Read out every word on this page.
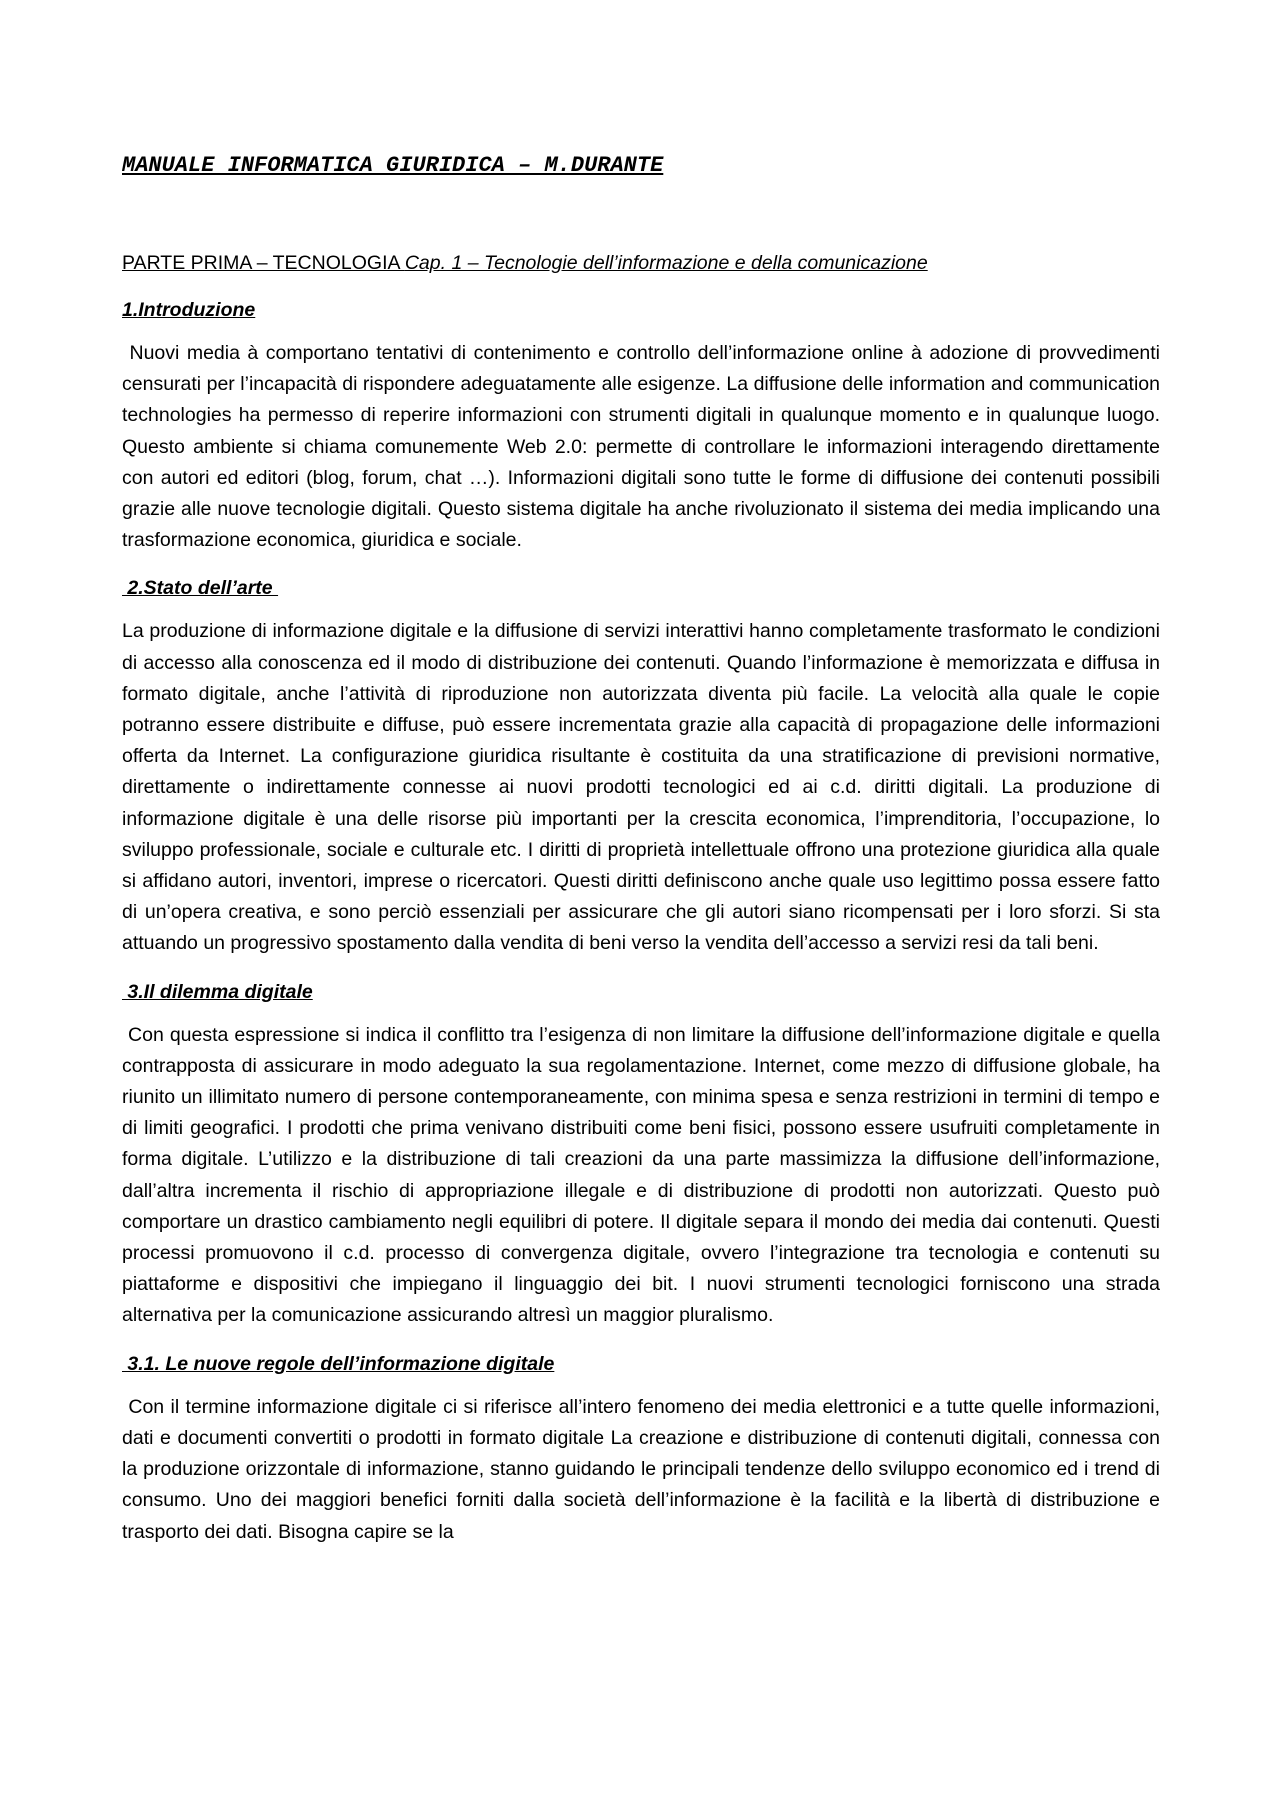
MANUALE INFORMATICA GIURIDICA – M.DURANTE
PARTE PRIMA – TECNOLOGIA Cap. 1 – Tecnologie dell’informazione e della comunicazione
1.Introduzione

Nuovi media à comportano tentativi di contenimento e controllo dell’informazione online à adozione di provvedimenti censurati per l’incapacità di rispondere adeguatamente alle esigenze. La diffusione delle information and communication technologies ha permesso di reperire informazioni con strumenti digitali in qualunque momento e in qualunque luogo. Questo ambiente si chiama comunemente Web 2.0: permette di controllare le informazioni interagendo direttamente con autori ed editori (blog, forum, chat …). Informazioni digitali sono tutte le forme di diffusione dei contenuti possibili grazie alle nuove tecnologie digitali. Questo sistema digitale ha anche rivoluzionato il sistema dei media implicando una trasformazione economica, giuridica e sociale.

2.Stato dell’arte

La produzione di informazione digitale e la diffusione di servizi interattivi hanno completamente trasformato le condizioni di accesso alla conoscenza ed il modo di distribuzione dei contenuti. Quando l’informazione è memorizzata e diffusa in formato digitale, anche l’attività di riproduzione non autorizzata diventa più facile. La velocità alla quale le copie potranno essere distribuite e diffuse, può essere incrementata grazie alla capacità di propagazione delle informazioni offerta da Internet. La configurazione giuridica risultante è costituita da una stratificazione di previsioni normative, direttamente o indirettamente connesse ai nuovi prodotti tecnologici ed ai c.d. diritti digitali. La produzione di informazione digitale è una delle risorse più importanti per la crescita economica, l’imprenditoria, l’occupazione, lo sviluppo professionale, sociale e culturale etc. I diritti di proprietà intellettuale offrono una protezione giuridica alla quale si affidano autori, inventori, imprese o ricercatori. Questi diritti definiscono anche quale uso legittimo possa essere fatto di un’opera creativa, e sono perciò essenziali per assicurare che gli autori siano ricompensati per i loro sforzi. Si sta attuando un progressivo spostamento dalla vendita di beni verso la vendita dell’accesso a servizi resi da tali beni.

3.Il dilemma digitale

Con questa espressione si indica il conflitto tra l’esigenza di non limitare la diffusione dell’informazione digitale e quella contrapposta di assicurare in modo adeguato la sua regolamentazione. Internet, come mezzo di diffusione globale, ha riunito un illimitato numero di persone contemporaneamente, con minima spesa e senza restrizioni in termini di tempo e di limiti geografici. I prodotti che prima venivano distribuiti come beni fisici, possono essere usufruiti completamente in forma digitale. L’utilizzo e la distribuzione di tali creazioni da una parte massimizza la diffusione dell’informazione, dall’altra incrementa il rischio di appropriazione illegale e di distribuzione di prodotti non autorizzati. Questo può comportare un drastico cambiamento negli equilibri di potere. Il digitale separa il mondo dei media dai contenuti. Questi processi promuovono il c.d. processo di convergenza digitale, ovvero l’integrazione tra tecnologia e contenuti su piattaforme e dispositivi che impiegano il linguaggio dei bit. I nuovi strumenti tecnologici forniscono una strada alternativa per la comunicazione assicurando altresì un maggior pluralismo.

3.1. Le nuove regole dell’informazione digitale

Con il termine informazione digitale ci si riferisce all’intero fenomeno dei media elettronici e a tutte quelle informazioni, dati e documenti convertiti o prodotti in formato digitale La creazione e distribuzione di contenuti digitali, connessa con la produzione orizzontale di informazione, stanno guidando le principali tendenze dello sviluppo economico ed i trend di consumo. Uno dei maggiori benefici forniti dalla società dell’informazione è la facilità e la libertà di distribuzione e trasporto dei dati. Bisogna capire se la
